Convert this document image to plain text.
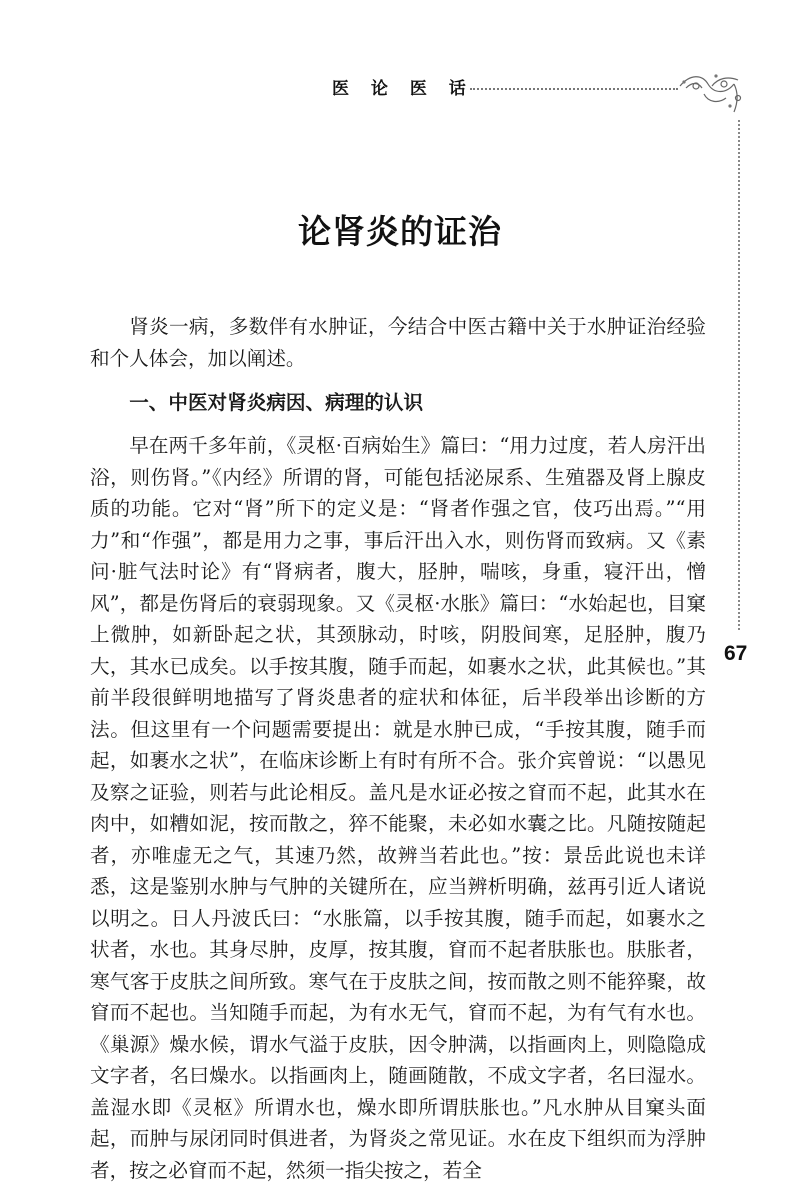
医 论 医 话
67
论肾炎的证治

肾炎一病，多数伴有水肿证，今结合中医古籍中关于水肿证治经验和个人体会，加以阐述。

一、中医对肾炎病因、病理的认识

早在两千多年前，《灵枢·百病始生》篇曰：“用力过度，若人房汗出浴，则伤肾。”《内经》所谓的肾，可能包括泌尿系、生殖器及肾上腺皮质的功能。它对“肾”所下的定义是：“肾者作强之官，伎巧出焉。”“用力”和“作强”，都是用力之事，事后汗出入水，则伤肾而致病。又《素问·脏气法时论》有“肾病者，腹大，胫肿，喘咳，身重，寝汗出，憎风”，都是伤肾后的衰弱现象。又《灵枢·水胀》篇曰：“水始起也，目窠上微肿，如新卧起之状，其颈脉动，时咳，阴股间寒，足胫肿，腹乃大，其水已成矣。以手按其腹，随手而起，如裹水之状，此其候也。”其前半段很鲜明地描写了肾炎患者的症状和体征，后半段举出诊断的方法。但这里有一个问题需要提出：就是水肿已成，“手按其腹，随手而起，如裹水之状”，在临床诊断上有时有所不合。张介宾曾说：“以愚见及察之证验，则若与此论相反。盖凡是水证必按之窅而不起，此其水在肉中，如糟如泥，按而散之，猝不能聚，未必如水囊之比。凡随按随起者，亦唯虚无之气，其速乃然，故辨当若此也。”按：景岳此说也未详悉，这是鉴别水肿与气肿的关键所在，应当辨析明确，兹再引近人诸说以明之。日人丹波氏曰：“水胀篇，以手按其腹，随手而起，如裹水之状者，水也。其身尽肿，皮厚，按其腹，窅而不起者肤胀也。肤胀者，寒气客于皮肤之间所致。寒气在于皮肤之间，按而散之则不能猝聚，故窅而不起也。当知随手而起，为有水无气，窅而不起，为有气有水也。《巢源》燥水候，谓水气溢于皮肤，因令肿满，以指画肉上，则隐隐成文字者，名曰燥水。以指画肉上，随画随散，不成文字者，名曰湿水。盖湿水即《灵枢》所谓水也，燥水即所谓肤胀也。”凡水肿从目窠头面起，而肿与尿闭同时俱进者，为肾炎之常见证。水在皮下组织而为浮肿者，按之必窅而不起，然须一指尖按之，若全
